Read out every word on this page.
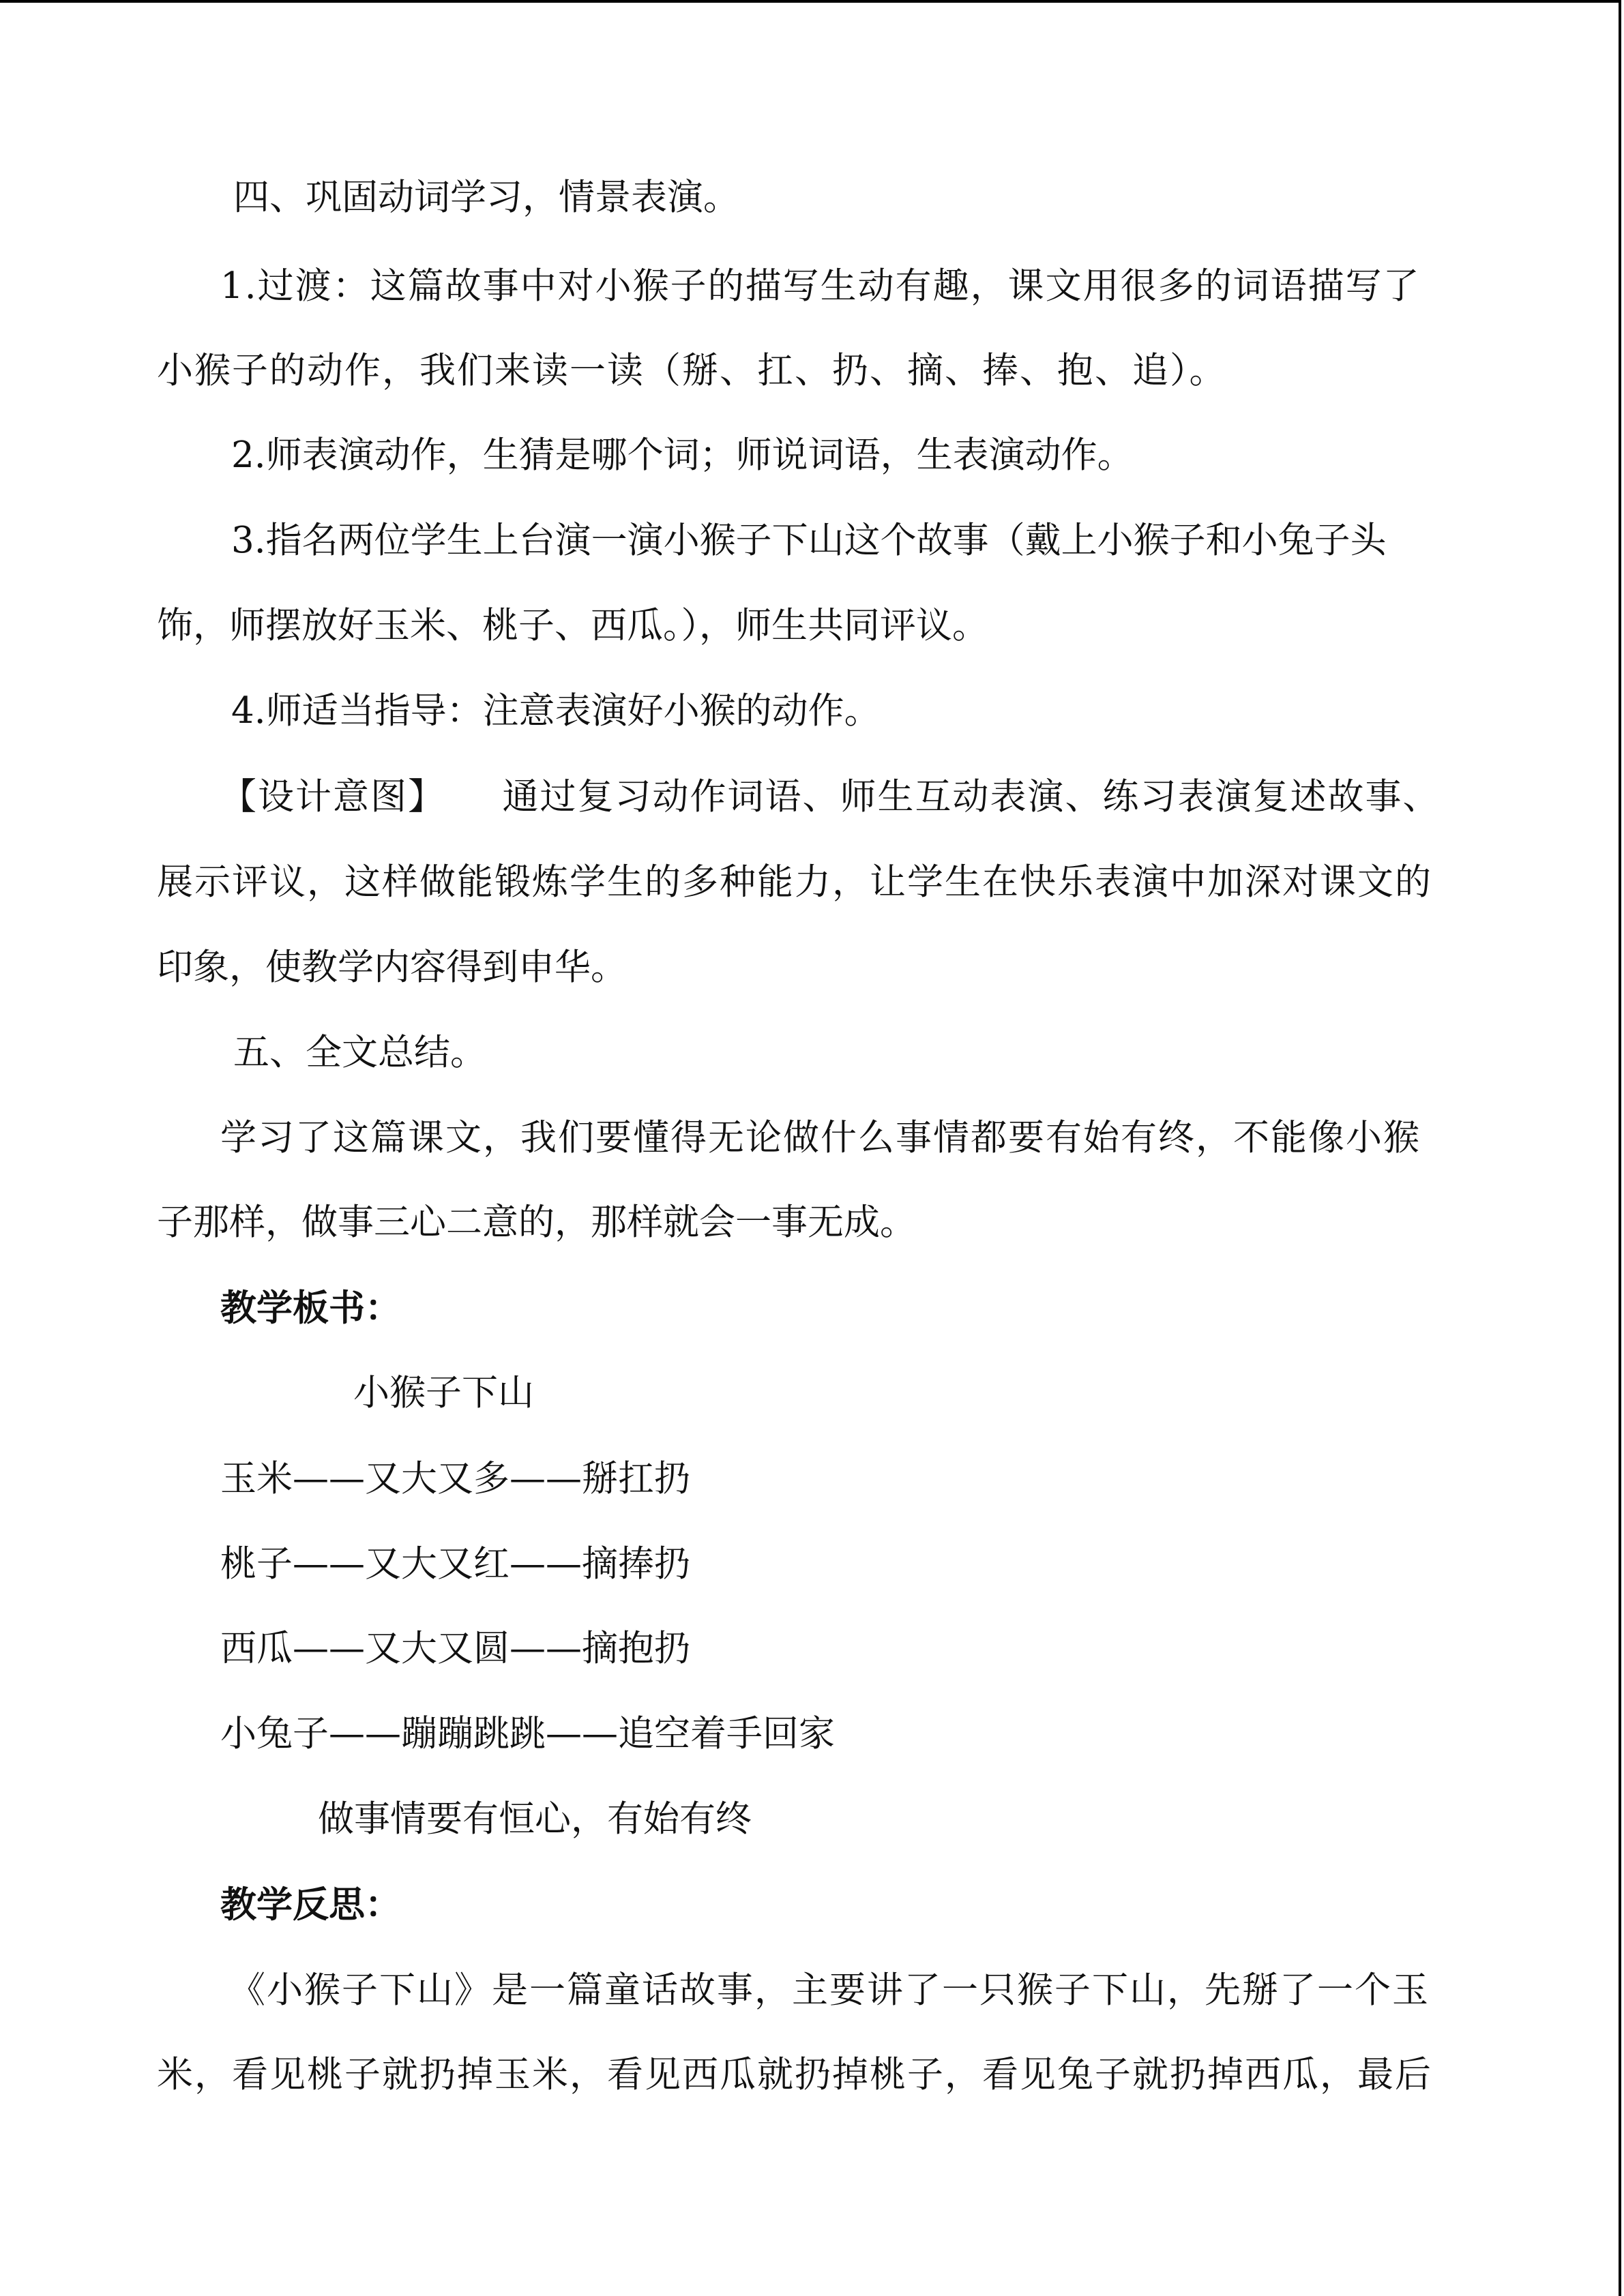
四、巩固动词学习，情景表演。

1.过渡：这篇故事中对小猴子的描写生动有趣，课文用很多的词语描写了

小猴子的动作，我们来读一读（掰、扛、扔、摘、捧、抱、追）。

2.师表演动作，生猜是哪个词；师说词语，生表演动作。

3.指名两位学生上台演一演小猴子下山这个故事（戴上小猴子和小兔子头

饰，师摆放好玉米、桃子、西瓜。），师生共同评议。

4.师适当指导：注意表演好小猴的动作。

【设计意图】　　通过复习动作词语、师生互动表演、练习表演复述故事、

展示评议，这样做能锻炼学生的多种能力，让学生在快乐表演中加深对课文的

印象，使教学内容得到申华。

五、全文总结。

学习了这篇课文，我们要懂得无论做什么事情都要有始有终，不能像小猴

子那样，做事三心二意的，那样就会一事无成。

教学板书：

小猴子下山

玉米——又大又多——掰扛扔

桃子——又大又红——摘捧扔

西瓜——又大又圆——摘抱扔

小兔子——蹦蹦跳跳——追空着手回家

做事情要有恒心，有始有终

教学反思：

《小猴子下山》是一篇童话故事，主要讲了一只猴子下山，先掰了一个玉

米，看见桃子就扔掉玉米，看见西瓜就扔掉桃子，看见兔子就扔掉西瓜，最后
